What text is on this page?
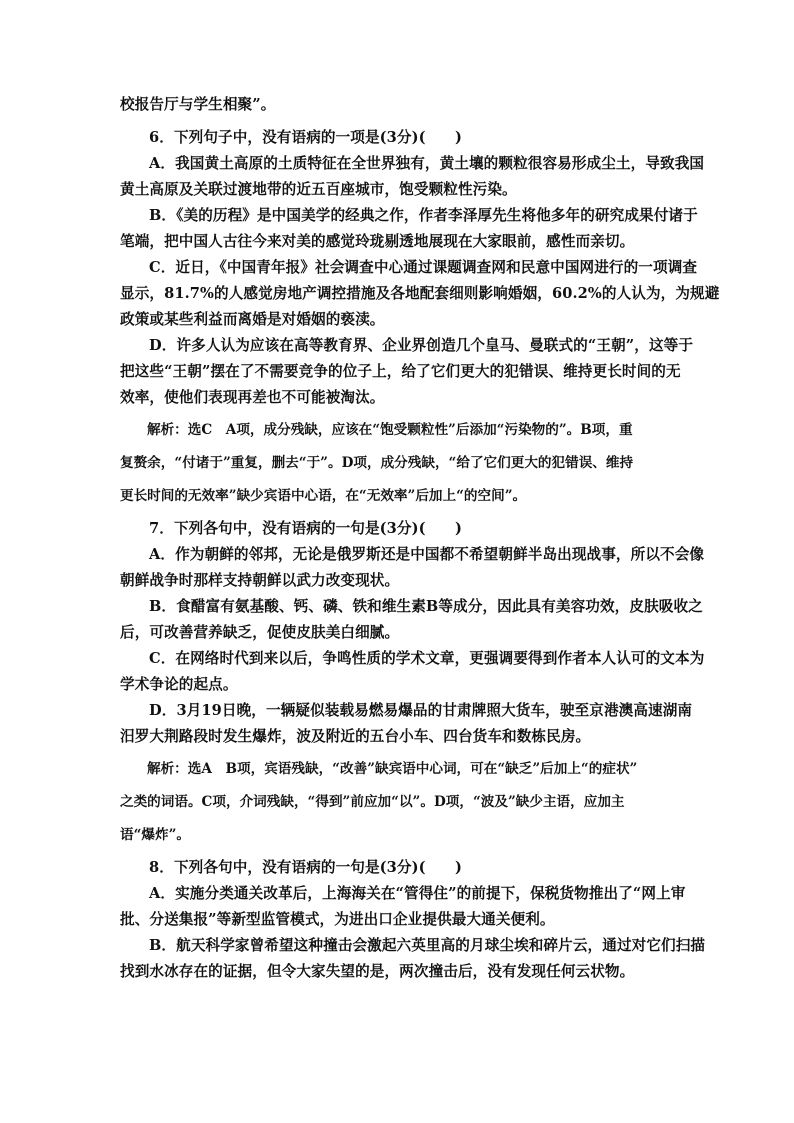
校报告厅与学生相聚”。
6．下列句子中，没有语病的一项是(3分)(　　)
A．我国黄土高原的土质特征在全世界独有，黄土壤的颗粒很容易形成尘土，导致我国
黄土高原及关联过渡地带的近五百座城市，饱受颗粒性污染。
B．《美的历程》是中国美学的经典之作，作者李泽厚先生将他多年的研究成果付诸于
笔端，把中国人古往今来对美的感觉玲珑剔透地展现在大家眼前，感性而亲切。
C．近日，《中国青年报》社会调查中心通过课题调查网和民意中国网进行的一项调查
显示，81.7%的人感觉房地产调控措施及各地配套细则影响婚姻，60.2%的人认为，为规避
政策或某些利益而离婚是对婚姻的亵渎。
D．许多人认为应该在高等教育界、企业界创造几个皇马、曼联式的“王朝”，这等于
把这些“王朝”摆在了不需要竞争的位子上，给了它们更大的犯错误、维持更长时间的无
效率，使他们表现再差也不可能被淘汰。
解析：选C　A项，成分残缺，应该在“饱受颗粒性”后添加“污染物的”。B项，重
复赘余，“付诸于”重复，删去“于”。D项，成分残缺，“给了它们更大的犯错误、维持
更长时间的无效率”缺少宾语中心语，在“无效率”后加上“的空间”。
7．下列各句中，没有语病的一句是(3分)(　　)
A．作为朝鲜的邻邦，无论是俄罗斯还是中国都不希望朝鲜半岛出现战事，所以不会像
朝鲜战争时那样支持朝鲜以武力改变现状。
B．食醋富有氨基酸、钙、磷、铁和维生素B等成分，因此具有美容功效，皮肤吸收之
后，可改善营养缺乏，促使皮肤美白细腻。
C．在网络时代到来以后，争鸣性质的学术文章，更强调要得到作者本人认可的文本为
学术争论的起点。
D．3月19日晚，一辆疑似装载易燃易爆品的甘肃牌照大货车，驶至京港澳高速湖南
汨罗大荆路段时发生爆炸，波及附近的五台小车、四台货车和数栋民房。
解析：选A　B项，宾语残缺，“改善”缺宾语中心词，可在“缺乏”后加上“的症状”
之类的词语。C项，介词残缺，“得到”前应加“以”。D项，“波及”缺少主语，应加主
语“爆炸”。
8．下列各句中，没有语病的一句是(3分)(　　)
A．实施分类通关改革后，上海海关在“管得住”的前提下，保税货物推出了“网上审
批、分送集报”等新型监管模式，为进出口企业提供最大通关便利。
B．航天科学家曾希望这种撞击会激起六英里高的月球尘埃和碎片云，通过对它们扫描
找到水冰存在的证据，但令大家失望的是，两次撞击后，没有发现任何云状物。
